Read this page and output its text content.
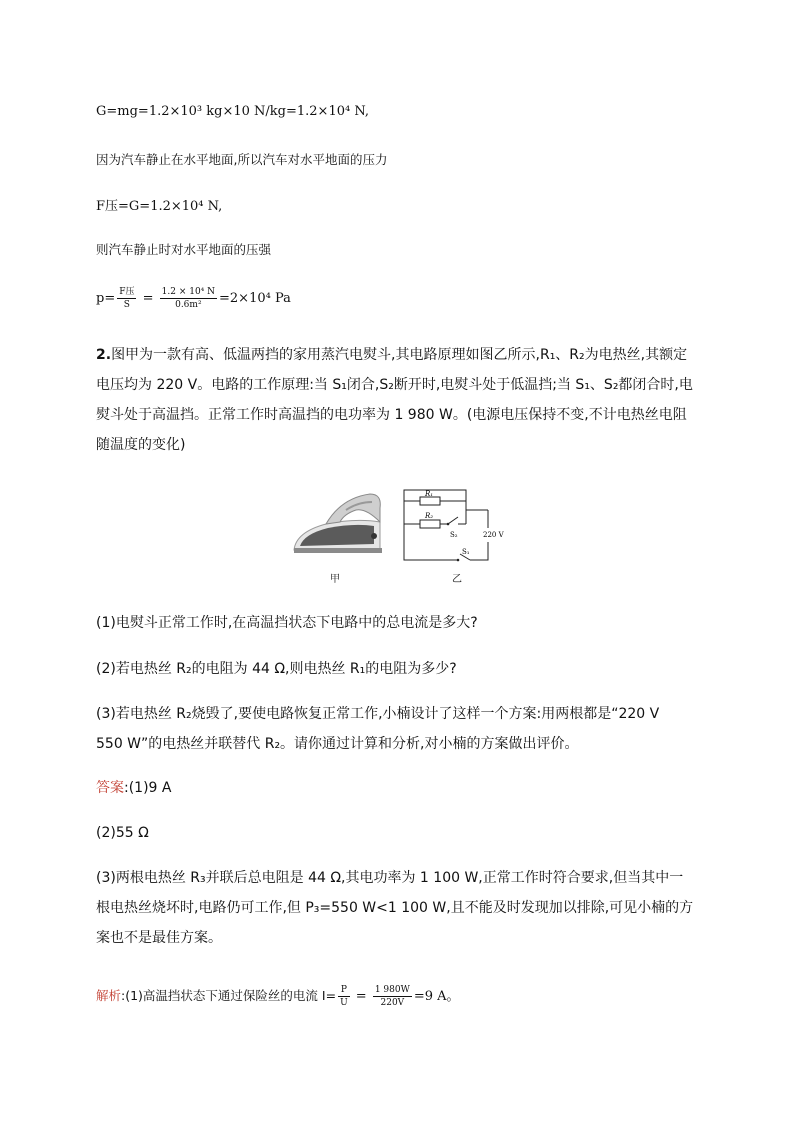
G=mg=1.2×10³ kg×10 N/kg=1.2×10⁴ N,
因为汽车静止在水平地面,所以汽车对水平地面的压力
F压=G=1.2×10⁴ N,
则汽车静止时对水平地面的压强
$p= \frac{\text{F压}}{S} = \frac{\text{1.2 × 10⁴ N}}{\text{0.6m²}} =2\times 10^4$ Pa
2.图甲为一款有高、低温两挡的家用蒸汽电熨斗,其电路原理如图乙所示,R₁、R₂为电热丝,其额定电压均为 220 V。电路的工作原理:当 S₁闭合,S₂断开时,电熨斗处于低温挡;当 S₁、S₂都闭合时,电熨斗处于高温挡。正常工作时高温挡的电功率为 1 980 W。(电源电压保持不变,不计电热丝电阻随温度的变化)
甲
R₁
R₂
S₂
S₁
220 V
乙
(1)电熨斗正常工作时,在高温挡状态下电路中的总电流是多大?
(2)若电热丝 R₂的电阻为 44 Ω,则电热丝 R₁的电阻为多少?
(3)若电热丝 R₂烧毁了,要使电路恢复正常工作,小楠设计了这样一个方案:用两根都是“220 V　550 W”的电热丝并联替代 R₂。请你通过计算和分析,对小楠的方案做出评价。
答案:(1)9 A
(2)55 Ω
(3)两根电热丝 R₃并联后总电阻是 44 Ω,其电功率为 1 100 W,正常工作时符合要求,但当其中一根电热丝烧坏时,电路仍可工作,但 P₃=550 W<1 100 W,且不能及时发现加以排除,可见小楠的方案也不是最佳方案。
解析:(1)高温挡状态下通过保险丝的电流 $I= \frac{P}{U} = \frac{1 980W}{220V} =9$ A。
